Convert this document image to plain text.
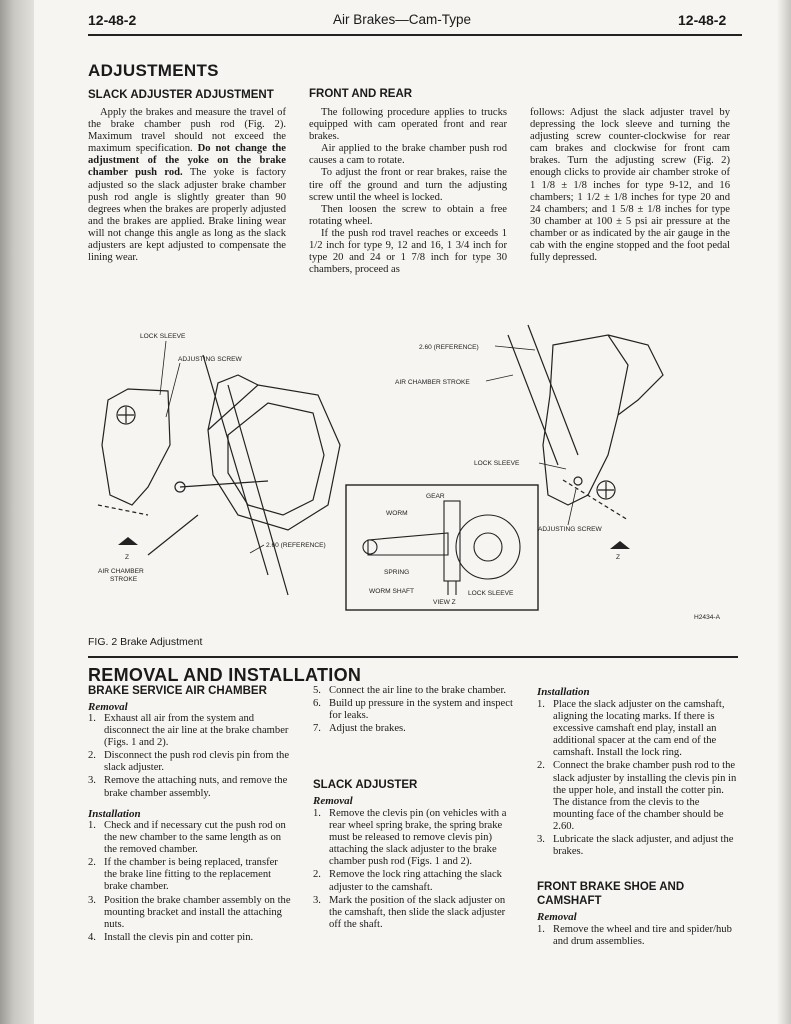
12-48-2	Air Brakes—Cam-Type	12-48-2
ADJUSTMENTS
SLACK ADJUSTER ADJUSTMENT

Apply the brakes and measure the travel of the brake chamber push rod (Fig. 2). Maximum travel should not exceed the maximum specification. Do not change the adjustment of the yoke on the brake chamber push rod. The yoke is factory adjusted so the slack adjuster brake chamber push rod angle is slightly greater than 90 degrees when the brakes are properly adjusted and the brakes are applied. Brake lining wear will not change this angle as long as the slack adjusters are kept adjusted to compensate the lining wear.

FRONT AND REAR

The following procedure applies to trucks equipped with cam operated front and rear brakes.

Air applied to the brake chamber push rod causes a cam to rotate.

To adjust the front or rear brakes, raise the tire off the ground and turn the adjusting screw until the wheel is locked.

Then loosen the screw to obtain a free rotating wheel.

If the push rod travel reaches or exceeds 1 1/2 inch for type 9, 12 and 16, 1 3/4 inch for type 20 and 24 or 1 7/8 inch for type 30 chambers, proceed as

follows: Adjust the slack adjuster travel by depressing the lock sleeve and turning the adjusting screw counter-clockwise for rear cam brakes and clockwise for front cam brakes. Turn the adjusting screw (Fig. 2) enough clicks to provide air chamber stroke of 1 1/8 ± 1/8 inches for type 9-12, and 16 chambers; 1 1/2 ± 1/8 inches for type 20 and 24 chambers; and 1 5/8 ± 1/8 inches for type 30 chamber at 100 ± 5 psi air pressure at the chamber or as indicated by the air gauge in the cab with the engine stopped and the foot pedal fully depressed.

LOCK SLEEVE
ADJUSTING SCREW
2.60 (REFERENCE)
AIR CHAMBER STROKE
2.60 (REFERENCE)
Z
AIR CHAMBER
STROKE
LOCK SLEEVE
ADJUSTING SCREW
Z
GEAR
WORM
SPRING
WORM SHAFT	LOCK SLEEVE
VIEW Z
H2434-A
FIG. 2 Brake Adjustment
REMOVAL AND INSTALLATION
BRAKE SERVICE AIR CHAMBER
Removal
1. Exhaust all air from the system and disconnect the air line at the brake chamber (Figs. 1 and 2).
2. Disconnect the push rod clevis pin from the slack adjuster.
3. Remove the attaching nuts, and remove the brake chamber assembly.
Installation
1. Check and if necessary cut the push rod on the new chamber to the same length as on the removed chamber.
2. If the chamber is being replaced, transfer the brake line fitting to the replacement brake chamber.
3. Position the brake chamber assembly on the mounting bracket and install the attaching nuts.
4. Install the clevis pin and cotter pin.
5. Connect the air line to the brake chamber.
6. Build up pressure in the system and inspect for leaks.
7. Adjust the brakes.
SLACK ADJUSTER
Removal
1. Remove the clevis pin (on vehicles with a rear wheel spring brake, the spring brake must be released to remove clevis pin) attaching the slack adjuster to the brake chamber push rod (Figs. 1 and 2).
2. Remove the lock ring attaching the slack adjuster to the camshaft.
3. Mark the position of the slack adjuster on the camshaft, then slide the slack adjuster off the shaft.
Installation
1. Place the slack adjuster on the camshaft, aligning the locating marks. If there is excessive camshaft end play, install an additional spacer at the cam end of the camshaft. Install the lock ring.
2. Connect the brake chamber push rod to the slack adjuster by installing the clevis pin in the upper hole, and install the cotter pin. The distance from the clevis to the mounting face of the chamber should be 2.60.
3. Lubricate the slack adjuster, and adjust the brakes.
FRONT BRAKE SHOE AND CAMSHAFT
Removal
1. Remove the wheel and tire and spider/hub and drum assemblies.
